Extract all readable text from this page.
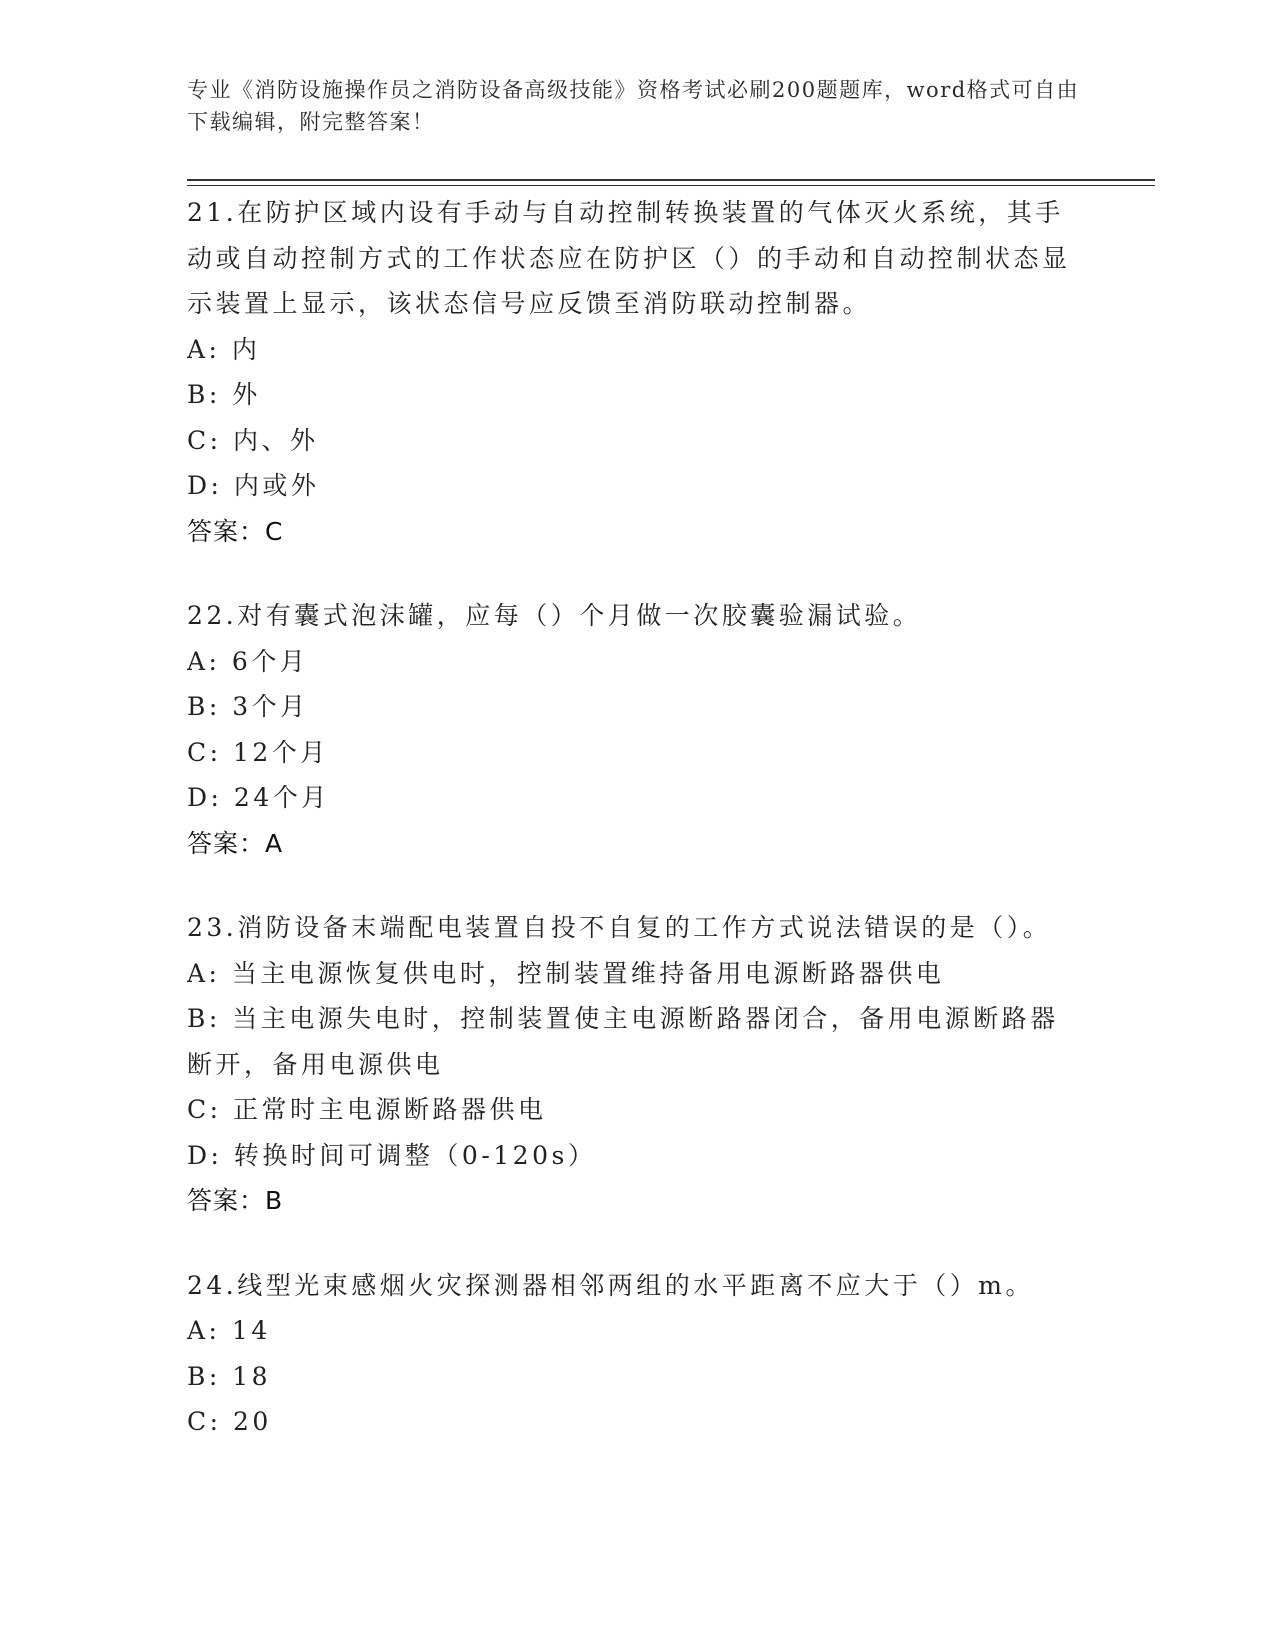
专业《消防设施操作员之消防设备高级技能》资格考试必刷200题题库，word格式可自由下载编辑，附完整答案！
21.在防护区域内设有手动与自动控制转换装置的气体灭火系统，其手动或自动控制方式的工作状态应在防护区（）的手动和自动控制状态显示装置上显示，该状态信号应反馈至消防联动控制器。
A: 内
B: 外
C: 内、外
D: 内或外
答案：C
22.对有囊式泡沫罐，应每（）个月做一次胶囊验漏试验。
A: 6个月
B: 3个月
C: 12个月
D: 24个月
答案：A
23.消防设备末端配电装置自投不自复的工作方式说法错误的是（）。
A: 当主电源恢复供电时，控制装置维持备用电源断路器供电
B: 当主电源失电时，控制装置使主电源断路器闭合，备用电源断路器断开，备用电源供电
C: 正常时主电源断路器供电
D: 转换时间可调整（0-120s）
答案：B
24.线型光束感烟火灾探测器相邻两组的水平距离不应大于（）m。
A: 14
B: 18
C: 20
